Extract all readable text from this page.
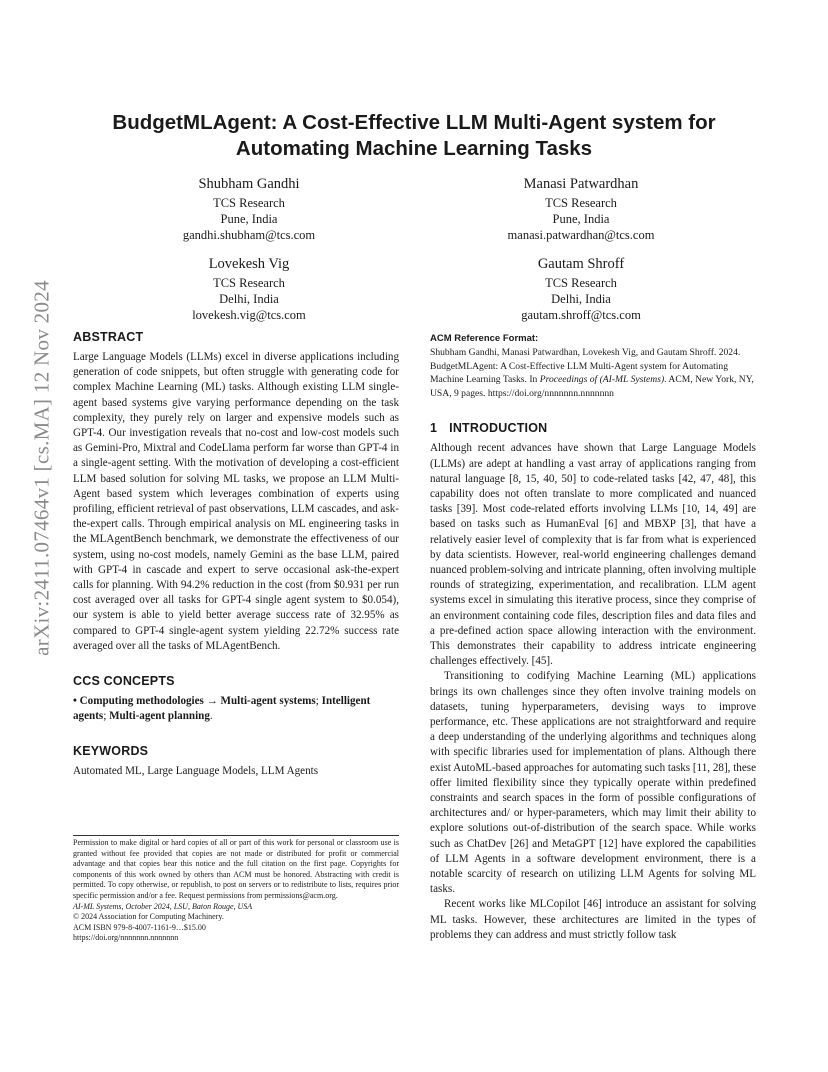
arXiv:2411.07464v1 [cs.MA] 12 Nov 2024
BudgetMLAgent: A Cost-Effective LLM Multi-Agent system for
Automating Machine Learning Tasks
Shubham Gandhi
TCS Research
Pune, India
gandhi.shubham@tcs.com
Manasi Patwardhan
TCS Research
Pune, India
manasi.patwardhan@tcs.com
Lovekesh Vig
TCS Research
Delhi, India
lovekesh.vig@tcs.com
Gautam Shroff
TCS Research
Delhi, India
gautam.shroff@tcs.com
ABSTRACT

Large Language Models (LLMs) excel in diverse applications including generation of code snippets, but often struggle with generating code for complex Machine Learning (ML) tasks. Although existing LLM single-agent based systems give varying performance depending on the task complexity, they purely rely on larger and expensive models such as GPT-4. Our investigation reveals that no-cost and low-cost models such as Gemini-Pro, Mixtral and CodeLlama perform far worse than GPT-4 in a single-agent setting. With the motivation of developing a cost-efficient LLM based solution for solving ML tasks, we propose an LLM Multi-Agent based system which leverages combination of experts using profiling, efficient retrieval of past observations, LLM cascades, and ask-the-expert calls. Through empirical analysis on ML engineering tasks in the MLAgentBench benchmark, we demonstrate the effectiveness of our system, using no-cost models, namely Gemini as the base LLM, paired with GPT-4 in cascade and expert to serve occasional ask-the-expert calls for planning. With 94.2% reduction in the cost (from $0.931 per run cost averaged over all tasks for GPT-4 single agent system to $0.054), our system is able to yield better average success rate of 32.95% as compared to GPT-4 single-agent system yielding 22.72% success rate averaged over all the tasks of MLAgentBench.

CCS CONCEPTS

• Computing methodologies → Multi-agent systems; Intelligent agents; Multi-agent planning.

KEYWORDS

Automated ML, Large Language Models, LLM Agents

Permission to make digital or hard copies of all or part of this work for personal or classroom use is granted without fee provided that copies are not made or distributed for profit or commercial advantage and that copies bear this notice and the full citation on the first page. Copyrights for components of this work owned by others than ACM must be honored. Abstracting with credit is permitted. To copy otherwise, or republish, to post on servers or to redistribute to lists, requires prior specific permission and/or a fee. Request permissions from permissions@acm.org.

AI-ML Systems, October 2024, LSU, Baton Rouge, USA

© 2024 Association for Computing Machinery.

ACM ISBN 979-8-4007-1161-9…$15.00

https://doi.org/nnnnnnn.nnnnnnn

ACM Reference Format:

Shubham Gandhi, Manasi Patwardhan, Lovekesh Vig, and Gautam Shroff. 2024. BudgetMLAgent: A Cost-Effective LLM Multi-Agent system for Automating Machine Learning Tasks. In Proceedings of (AI-ML Systems). ACM, New York, NY, USA, 9 pages. https://doi.org/nnnnnnn.nnnnnnn

1 INTRODUCTION

Although recent advances have shown that Large Language Models (LLMs) are adept at handling a vast array of applications ranging from natural language [8, 15, 40, 50] to code-related tasks [42, 47, 48], this capability does not often translate to more complicated and nuanced tasks [39]. Most code-related efforts involving LLMs [10, 14, 49] are based on tasks such as HumanEval [6] and MBXP [3], that have a relatively easier level of complexity that is far from what is experienced by data scientists. However, real-world engineering challenges demand nuanced problem-solving and intricate planning, often involving multiple rounds of strategizing, experimentation, and recalibration. LLM agent systems excel in simulating this iterative process, since they comprise of an environment containing code files, description files and data files and a pre-defined action space allowing interaction with the environment. This demonstrates their capability to address intricate engineering challenges effectively. [45].

Transitioning to codifying Machine Learning (ML) applications brings its own challenges since they often involve training models on datasets, tuning hyperparameters, devising ways to improve performance, etc. These applications are not straightforward and require a deep understanding of the underlying algorithms and techniques along with specific libraries used for implementation of plans. Although there exist AutoML-based approaches for automating such tasks [11, 28], these offer limited flexibility since they typically operate within predefined constraints and search spaces in the form of possible configurations of architectures and/ or hyper-parameters, which may limit their ability to explore solutions out-of-distribution of the search space. While works such as ChatDev [26] and MetaGPT [12] have explored the capabilities of LLM Agents in a software development environment, there is a notable scarcity of research on utilizing LLM Agents for solving ML tasks.

Recent works like MLCopilot [46] introduce an assistant for solving ML tasks. However, these architectures are limited in the types of problems they can address and must strictly follow task
